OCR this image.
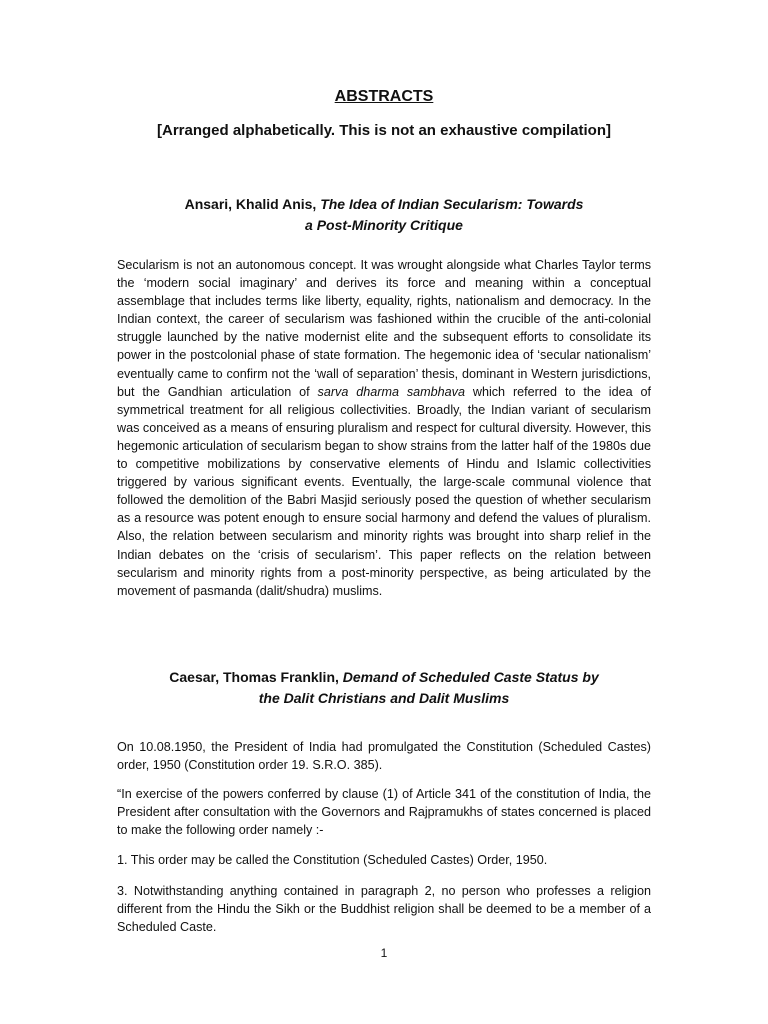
ABSTRACTS
[Arranged alphabetically. This is not an exhaustive compilation]
Ansari, Khalid Anis, The Idea of Indian Secularism: Towards
a Post-Minority Critique
Secularism is not an autonomous concept. It was wrought alongside what Charles Taylor terms the ‘modern social imaginary’ and derives its force and meaning within a conceptual assemblage that includes terms like liberty, equality, rights, nationalism and democracy. In the Indian context, the career of secularism was fashioned within the crucible of the anti-colonial struggle launched by the native modernist elite and the subsequent efforts to consolidate its power in the postcolonial phase of state formation. The hegemonic idea of ‘secular nationalism’ eventually came to confirm not the ‘wall of separation’ thesis, dominant in Western jurisdictions, but the Gandhian articulation of sarva dharma sambhava which referred to the idea of symmetrical treatment for all religious collectivities. Broadly, the Indian variant of secularism was conceived as a means of ensuring pluralism and respect for cultural diversity. However, this hegemonic articulation of secularism began to show strains from the latter half of the 1980s due to competitive mobilizations by conservative elements of Hindu and Islamic collectivities triggered by various significant events. Eventually, the large-scale communal violence that followed the demolition of the Babri Masjid seriously posed the question of whether secularism as a resource was potent enough to ensure social harmony and defend the values of pluralism. Also, the relation between secularism and minority rights was brought into sharp relief in the Indian debates on the ‘crisis of secularism’. This paper reflects on the relation between secularism and minority rights from a post-minority perspective, as being articulated by the movement of pasmanda (dalit/shudra) muslims.
Caesar, Thomas Franklin, Demand of Scheduled Caste Status by
the Dalit Christians and Dalit Muslims

On 10.08.1950, the President of India had promulgated the Constitution (Scheduled Castes) order, 1950 (Constitution order 19. S.R.O. 385).

“In exercise of the powers conferred by clause (1) of Article 341 of the constitution of India, the President after consultation with the Governors and Rajpramukhs of states concerned is placed to make the following order namely :-

1. This order may be called the Constitution (Scheduled Castes) Order, 1950.

3. Notwithstanding anything contained in paragraph 2, no person who professes a religion different from the Hindu the Sikh or the Buddhist religion shall be deemed to be a member of a Scheduled Caste.

1
